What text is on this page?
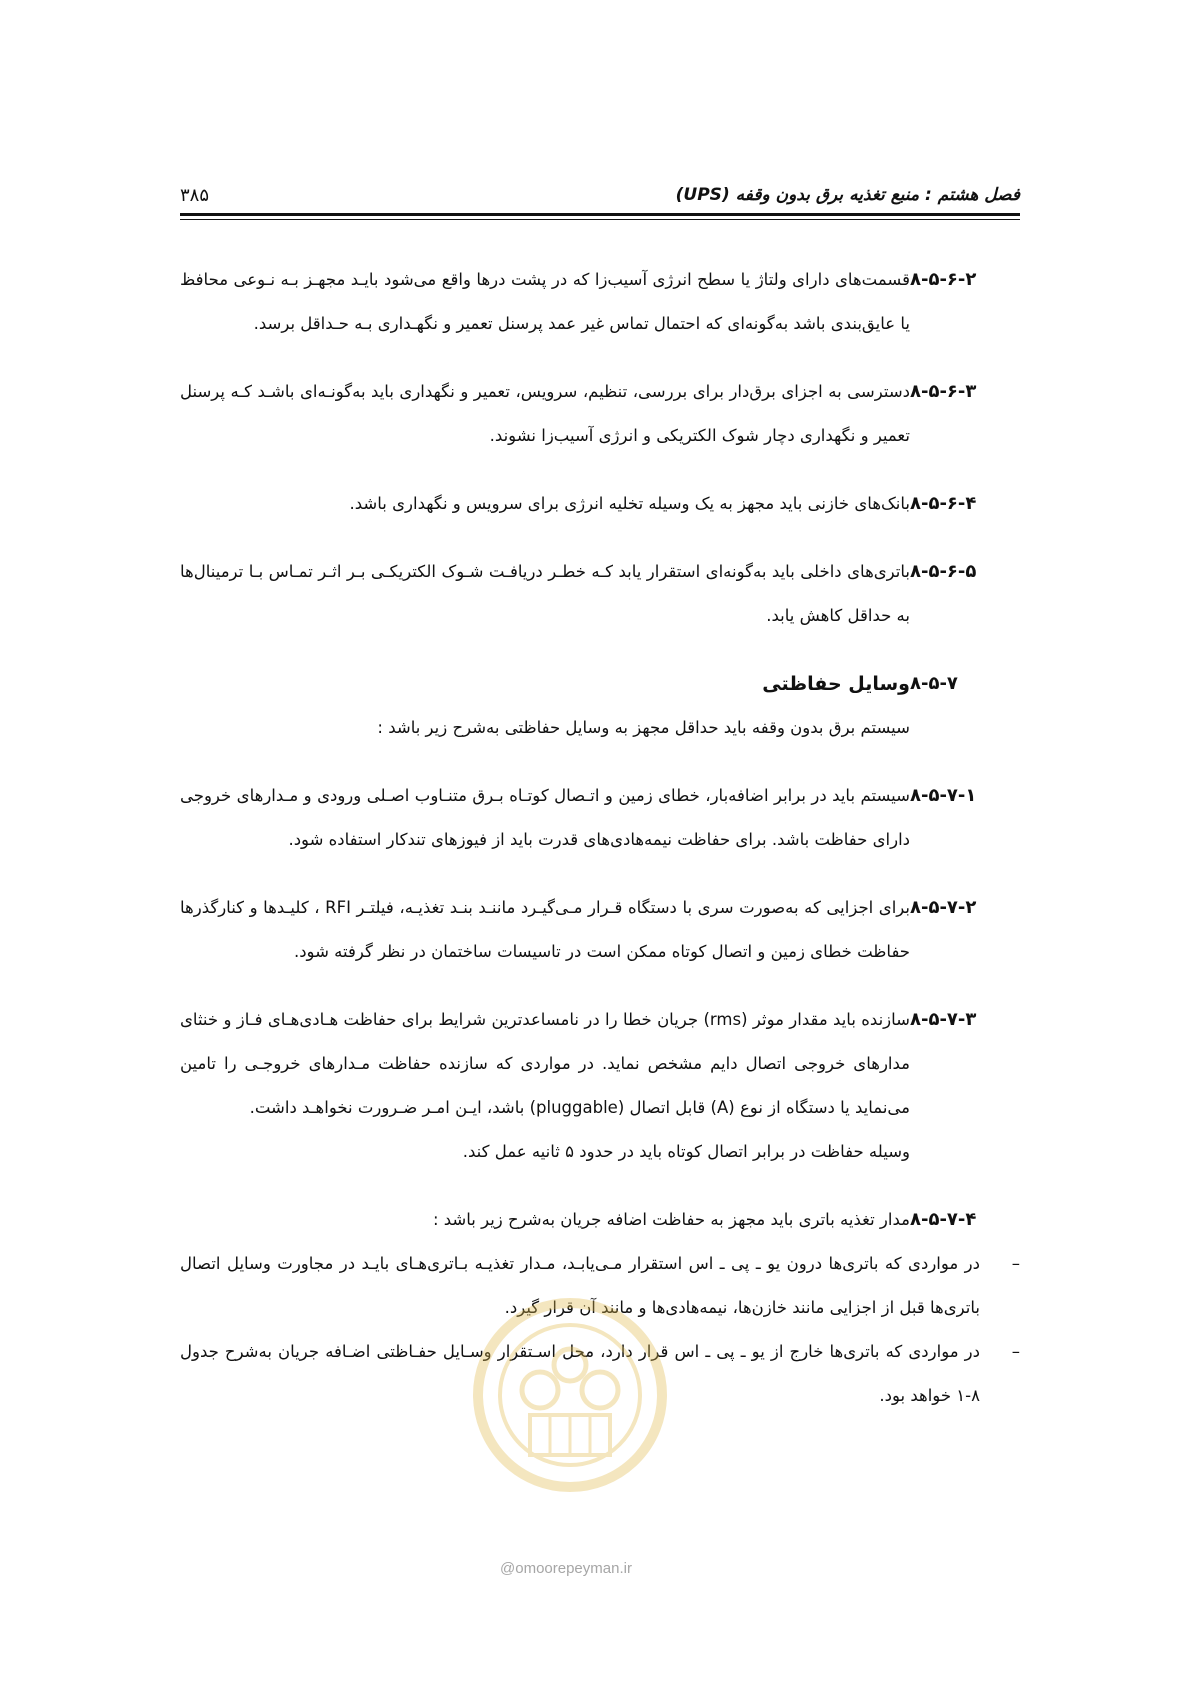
فصل هشتم : منبع تغذیه برق بدون وقفه (UPS)
۳۸۵
۸-۵-۶-۲
قسمت‌های دارای ولتاژ یا سطح انرژی آسیب‌زا که در پشت درها واقع می‌شود بایـد مجهـز بـه نـوعی محافظ یا عایق‌بندی باشد به‌گونه‌ای که احتمال تماس غیر عمد پرسنل تعمیر و نگهـداری بـه حـداقل برسد.
۸-۵-۶-۳
دسترسی به اجزای برق‌دار برای بررسی، تنظیم، سرویس، تعمیر و نگهداری باید به‌گونـه‌ای باشـد کـه پرسنل تعمیر و نگهداری دچار شوک الکتریکی و انرژی آسیب‌زا نشوند.
۸-۵-۶-۴
بانک‌های خازنی باید مجهز به یک وسیله تخلیه انرژی برای سرویس و نگهداری باشد.
۸-۵-۶-۵
باتری‌های داخلی باید به‌گونه‌ای استقرار یابد کـه خطـر دریافـت شـوک الکتریکـی بـر اثـر تمـاس بـا ترمینال‌ها به حداقل کاهش یابد.
۸-۵-۷
وسایل حفاظتی
سیستم برق بدون وقفه باید حداقل مجهز به وسایل حفاظتی به‌شرح زیر باشد :
۸-۵-۷-۱
سیستم باید در برابر اضافه‌بار، خطای زمین و اتـصال کوتـاه بـرق متنـاوب اصـلی ورودی و مـدارهای خروجی دارای حفاظت باشد. برای حفاظت نیمه‌هادی‌های قدرت باید از فیوزهای تندکار استفاده شود.
۸-۵-۷-۲
برای اجزایی که به‌صورت سری با دستگاه قـرار مـی‌گیـرد ماننـد بنـد تغذیـه، فیلتـر RFI ، کلیـدها و کنارگذرها حفاظت خطای زمین و اتصال کوتاه ممکن است در تاسیسات ساختمان در نظر گرفته شود.
۸-۵-۷-۳

سازنده باید مقدار موثر (rms) جریان خطا را در نامساعدترین شرایط برای حفاظت هـادی‌هـای فـاز و خنثای مدارهای خروجی اتصال دایم مشخص نماید. در مواردی که سازنده حفاظت مـدارهای خروجـی را تامین می‌نماید یا دستگاه از نوع (A) قابل اتصال (pluggable) باشد، ایـن امـر ضـرورت نخواهـد داشت.

وسیله حفاظت در برابر اتصال کوتاه باید در حدود ۵ ثانیه عمل کند.

۸-۵-۷-۴
مدار تغذیه باتری باید مجهز به حفاظت اضافه جریان به‌شرح زیر باشد :
–
در مواردی که باتری‌ها درون یو ـ پی ـ اس استقرار مـی‌یابـد، مـدار تغذیـه بـاتری‌هـای بایـد در مجاورت وسایل اتصال باتری‌ها قبل از اجزایی مانند خازن‌ها، نیمه‌هادی‌ها و مانند آن قرار گیرد.
–
در مواردی که باتری‌ها خارج از یو ـ پی ـ اس قرار دارد، محل اسـتقرار وسـایل حفـاظتی اضـافه جریان به‌شرح جدول ۸-۱ خواهد بود.
@omoorepeyman.ir
